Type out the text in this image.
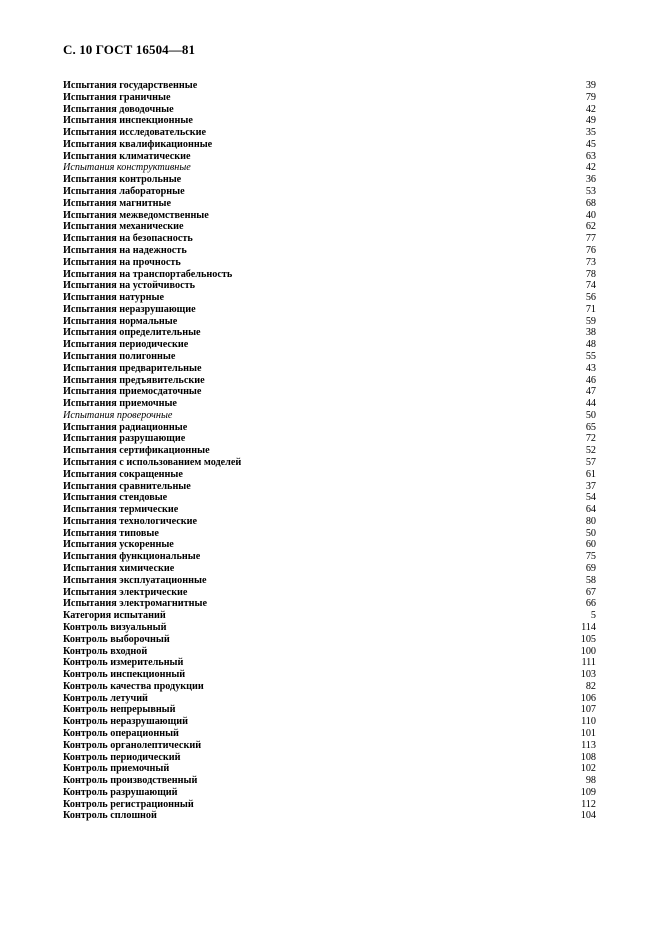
С. 10 ГОСТ 16504—81
Испытания государственные	39
Испытания граничные	79
Испытания доводочные	42
Испытания инспекционные	49
Испытания исследовательские	35
Испытания квалификационные	45
Испытания климатические	63
Испытания конструктивные	42
Испытания контрольные	36
Испытания лабораторные	53
Испытания магнитные	68
Испытания межведомственные	40
Испытания механические	62
Испытания на безопасность	77
Испытания на надежность	76
Испытания на прочность	73
Испытания на транспортабельность	78
Испытания на устойчивость	74
Испытания натурные	56
Испытания неразрушающие	71
Испытания нормальные	59
Испытания определительные	38
Испытания периодические	48
Испытания полигонные	55
Испытания предварительные	43
Испытания предъявительские	46
Испытания приемосдаточные	47
Испытания приемочные	44
Испытания проверочные	50
Испытания радиационные	65
Испытания разрушающие	72
Испытания сертификационные	52
Испытания с использованием моделей	57
Испытания сокращенные	61
Испытания сравнительные	37
Испытания стендовые	54
Испытания термические	64
Испытания технологические	80
Испытания типовые	50
Испытания ускоренные	60
Испытания функциональные	75
Испытания химические	69
Испытания эксплуатационные	58
Испытания электрические	67
Испытания электромагнитные	66
Категория испытаний	5
Контроль визуальный	114
Контроль выборочный	105
Контроль входной	100
Контроль измерительный	111
Контроль инспекционный	103
Контроль качества продукции	82
Контроль летучий	106
Контроль непрерывный	107
Контроль неразрушающий	110
Контроль операционный	101
Контроль органолептический	113
Контроль периодический	108
Контроль приемочный	102
Контроль производственный	98
Контроль разрушающий	109
Контроль регистрационный	112
Контроль сплошной	104
